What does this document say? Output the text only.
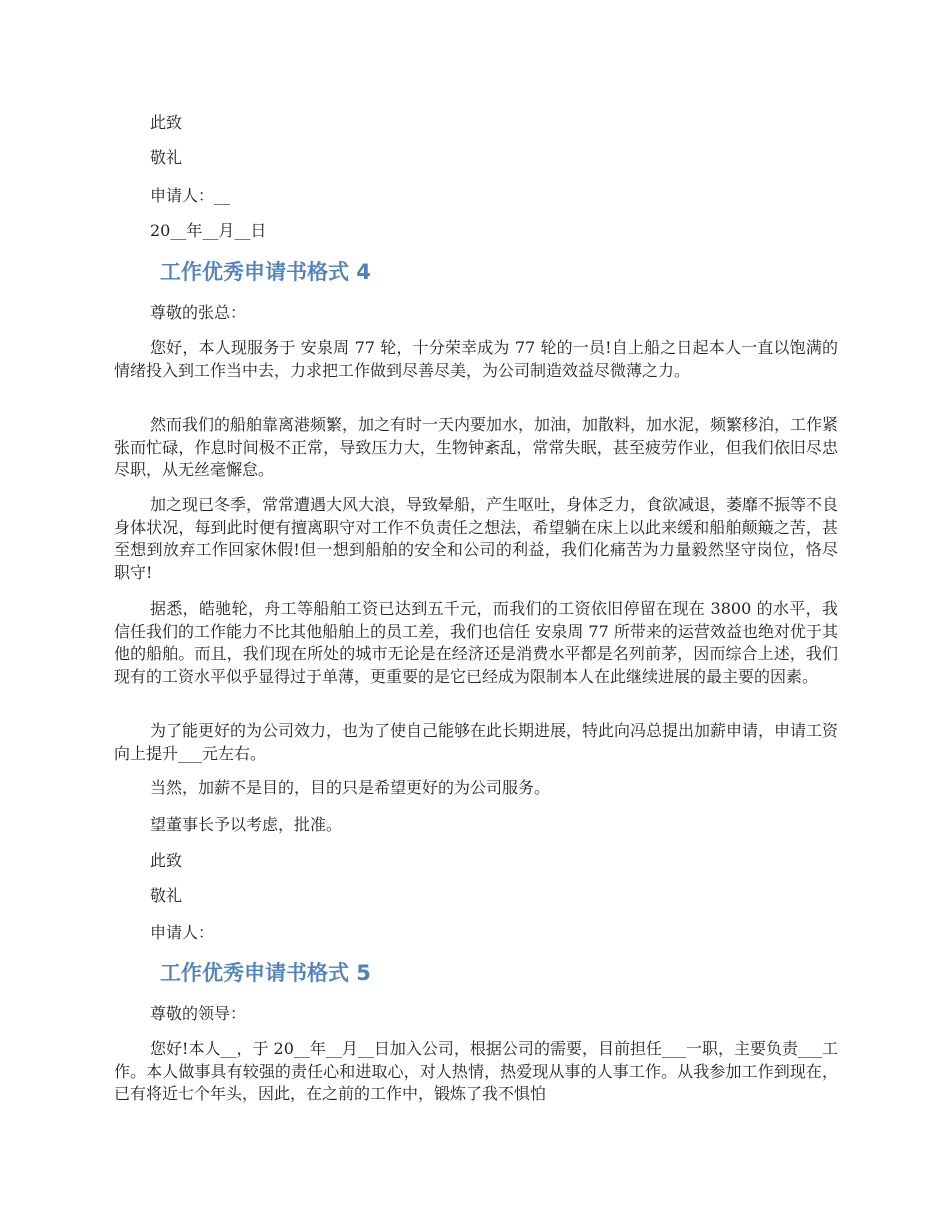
此致
敬礼
申请人：__
20__年__月__日
工作优秀申请书格式 4
尊敬的张总：
您好，本人现服务于 安泉周 77 轮，十分荣幸成为 77 轮的一员!自上船之日起本人一直以饱满的情绪投入到工作当中去，力求把工作做到尽善尽美，为公司制造效益尽微薄之力。
然而我们的船舶靠离港频繁，加之有时一天内要加水，加油，加散料，加水泥，频繁移泊，工作紧张而忙碌，作息时间极不正常，导致压力大，生物钟紊乱，常常失眠，甚至疲劳作业，但我们依旧尽忠尽职，从无丝毫懈怠。
加之现已冬季，常常遭遇大风大浪，导致晕船，产生呕吐，身体乏力，食欲减退，萎靡不振等不良身体状况，每到此时便有擅离职守对工作不负责任之想法，希望躺在床上以此来缓和船舶颠簸之苦，甚至想到放弃工作回家休假!但一想到船舶的安全和公司的利益，我们化痛苦为力量毅然坚守岗位，恪尽职守!
据悉，皓驰轮，舟工等船舶工资已达到五千元，而我们的工资依旧停留在现在 3800 的水平，我信任我们的工作能力不比其他船舶上的员工差，我们也信任 安泉周 77 所带来的运营效益也绝对优于其他的船舶。而且，我们现在所处的城市无论是在经济还是消费水平都是名列前茅，因而综合上述，我们现有的工资水平似乎显得过于单薄，更重要的是它已经成为限制本人在此继续进展的最主要的因素。
为了能更好的为公司效力，也为了使自己能够在此长期进展，特此向冯总提出加薪申请，申请工资向上提升___元左右。
当然，加薪不是目的，目的只是希望更好的为公司服务。
望董事长予以考虑，批准。
此致
敬礼
申请人：
工作优秀申请书格式 5
尊敬的领导：
您好!本人__，于 20__年__月__日加入公司，根据公司的需要，目前担任___一职，主要负责___工作。本人做事具有较强的责任心和进取心，对人热情，热爱现从事的人事工作。从我参加工作到现在，已有将近七个年头，因此，在之前的工作中，锻炼了我不惧怕
